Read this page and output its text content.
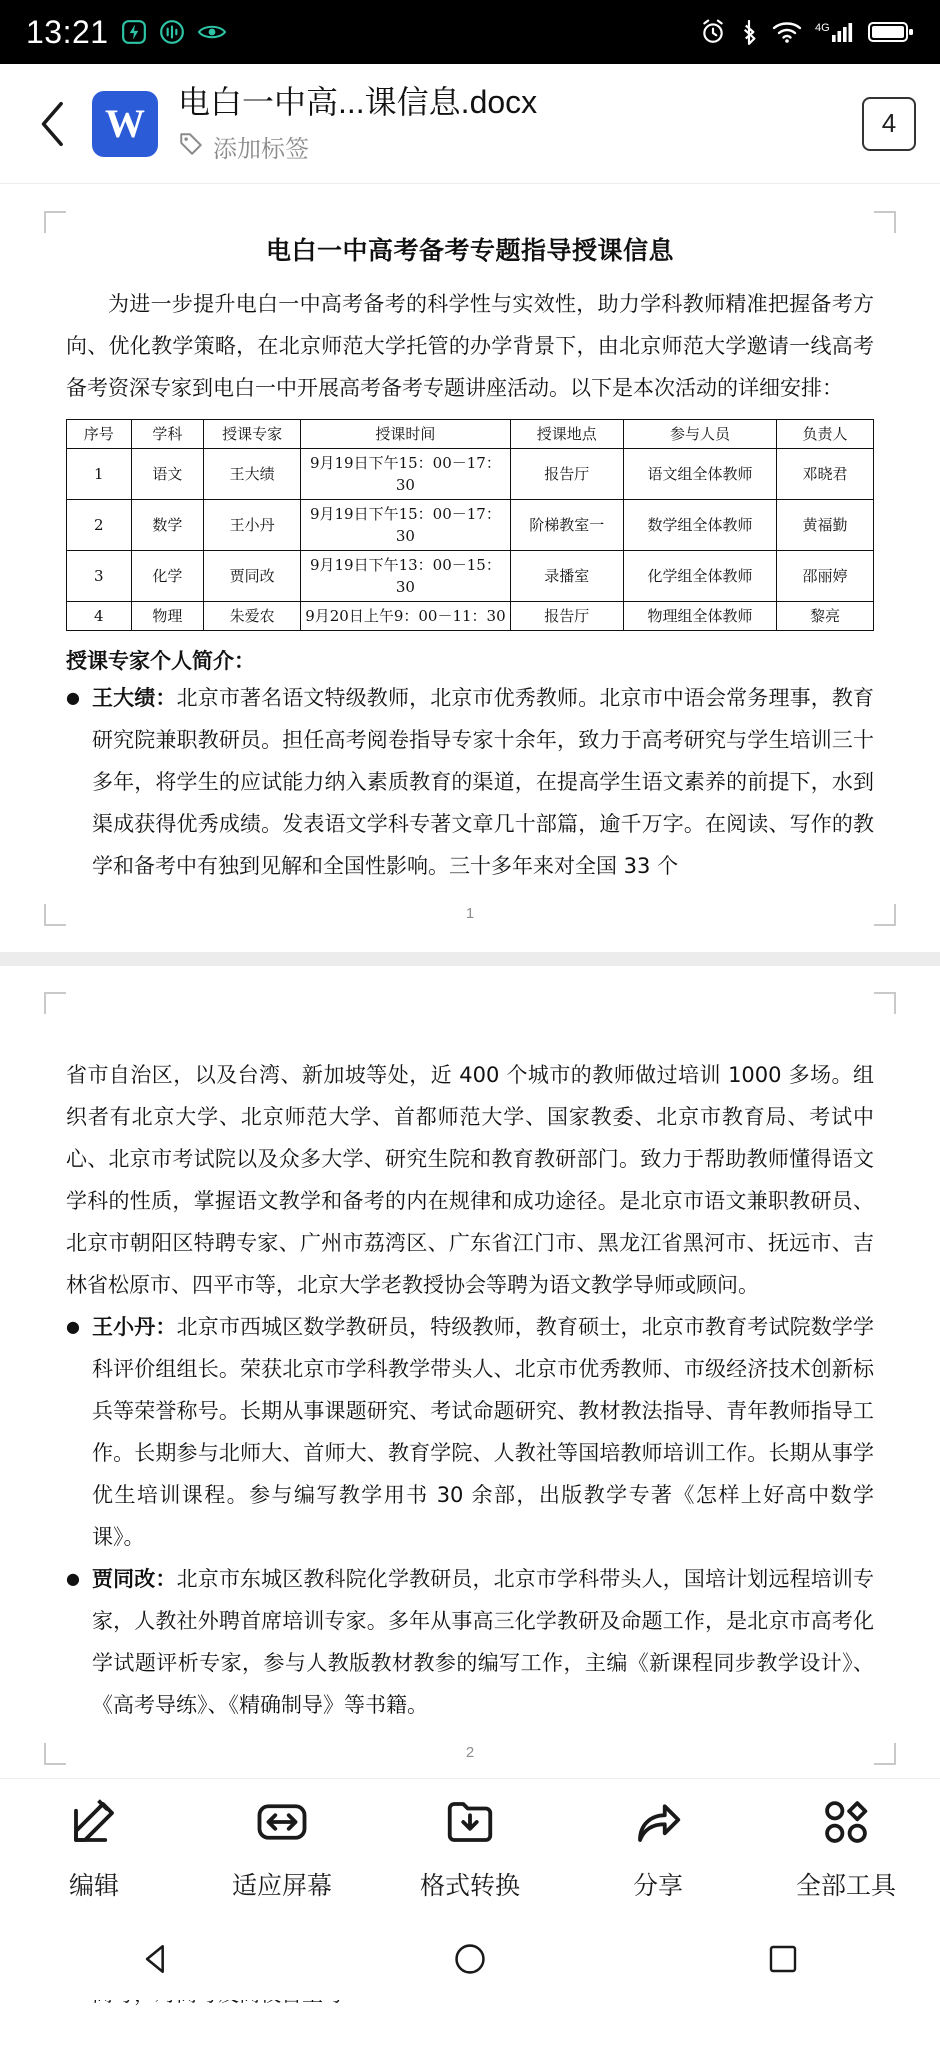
13:21	4G
W	电白一中高...课信息.docx
添加标签
4
电白一中高考备考专题指导授课信息
为进一步提升电白一中高考备考的科学性与实效性，助力学科教师精准把握备考方向、优化教学策略，在北京师范大学托管的办学背景下，由北京师范大学邀请一线高考备考资深专家到电白一中开展高考备考专题讲座活动。以下是本次活动的详细安排：
序号	学科	授课专家	授课时间	授课地点	参与人员	负责人
1	语文	王大绩	9月19日下午15：00－17：30	报告厅	语文组全体教师	邓晓君
2	数学	王小丹	9月19日下午15：00－17：30	阶梯教室一	数学组全体教师	黄福勤
3	化学	贾同改	9月19日下午13：00－15：30	录播室	化学组全体教师	邵丽婷
4	物理	朱爱农	9月20日上午9：00－11：30	报告厅	物理组全体教师	黎亮
授课专家个人简介：
● 王大绩：北京市著名语文特级教师，北京市优秀教师。北京市中语会常务理事，教育研究院兼职教研员。担任高考阅卷指导专家十余年，致力于高考研究与学生培训三十多年，将学生的应试能力纳入素质教育的渠道，在提高学生语文素养的前提下，水到渠成获得优秀成绩。发表语文学科专著文章几十部篇，逾千万字。在阅读、写作的教学和备考中有独到见解和全国性影响。三十多年来对全国 33 个
1
省市自治区，以及台湾、新加坡等处，近 400 个城市的教师做过培训 1000 多场。组织者有北京大学、北京师范大学、首都师范大学、国家教委、北京市教育局、考试中心、北京市考试院以及众多大学、研究生院和教育教研部门。致力于帮助教师懂得语文学科的性质，掌握语文教学和备考的内在规律和成功途径。是北京市语文兼职教研员、北京市朝阳区特聘专家、广州市荔湾区、广东省江门市、黑龙江省黑河市、抚远市、吉林省松原市、四平市等，北京大学老教授协会等聘为语文教学导师或顾问。
● 王小丹：北京市西城区数学教研员，特级教师，教育硕士，北京市教育考试院数学学科评价组组长。荣获北京市学科教学带头人、北京市优秀教师、市级经济技术创新标兵等荣誉称号。长期从事课题研究、考试命题研究、教材教法指导、青年教师指导工作。长期参与北师大、首师大、教育学院、人教社等国培教师培训工作。长期从事学优生培训课程。参与编写教学用书 30 余部，出版教学专著《怎样上好高中数学课》。
● 贾同改：北京市东城区教科院化学教研员，北京市学科带头人，国培计划远程培训专家，人教社外聘首席培训专家。多年从事高三化学教研及命题工作，是北京市高考化学试题评析专家，参与人教版教材教参的编写工作，主编《新课程同步教学设计》、《高考导练》、《精确制导》等书籍。
2
●
编辑	适应屏幕	格式转换	分享	全部工具
